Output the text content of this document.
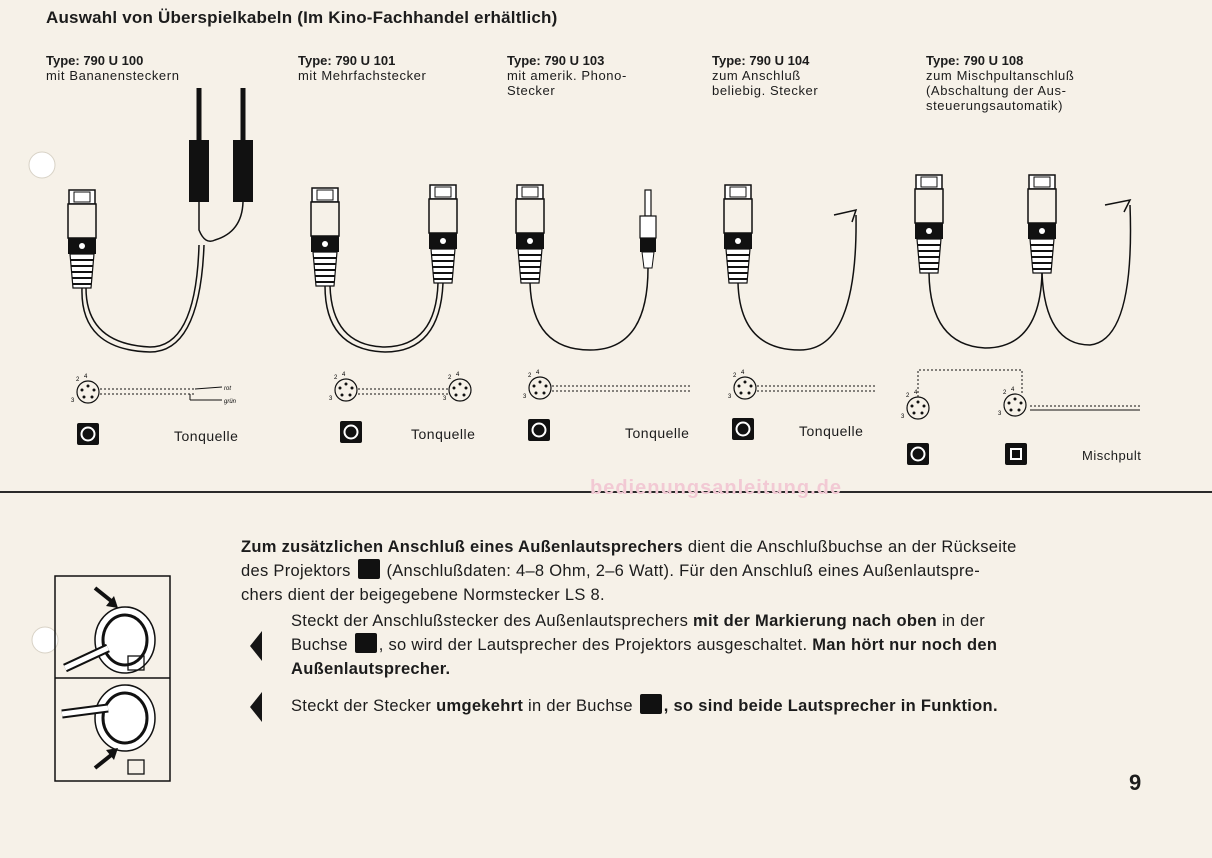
Auswahl von Überspielkabeln (Im Kino-Fachhandel erhältlich)
Type: 790 U 100
mit Bananensteckern
Type: 790 U 101
mit Mehrfachstecker
Type: 790 U 103
mit amerik. Phono-
Stecker
Type: 790 U 104
zum Anschluß
beliebig. Stecker
Type: 790 U 108
zum Mischpultanschluß
(Abschaltung der Aus-
steuerungsautomatik)
rot
grün
Tonquelle	Tonquelle	Tonquelle	Tonquelle
Mischpult
bedienungsanleitung.de
Zum zusätzlichen Anschluß eines Außenlautsprechers dient die Anschlußbuchse an der Rückseite
des Projektors  (Anschlußdaten: 4–8 Ohm, 2–6 Watt). Für den Anschluß eines Außenlautspre-
chers dient der beigegebene Normstecker LS 8.
Steckt der Anschlußstecker des Außenlautsprechers mit der Markierung nach oben in der
Buchse , so wird der Lautsprecher des Projektors ausgeschaltet. Man hört nur noch den
Außenlautsprecher.
Steckt der Stecker umgekehrt in der Buchse , so sind beide Lautsprecher in Funktion.
9
